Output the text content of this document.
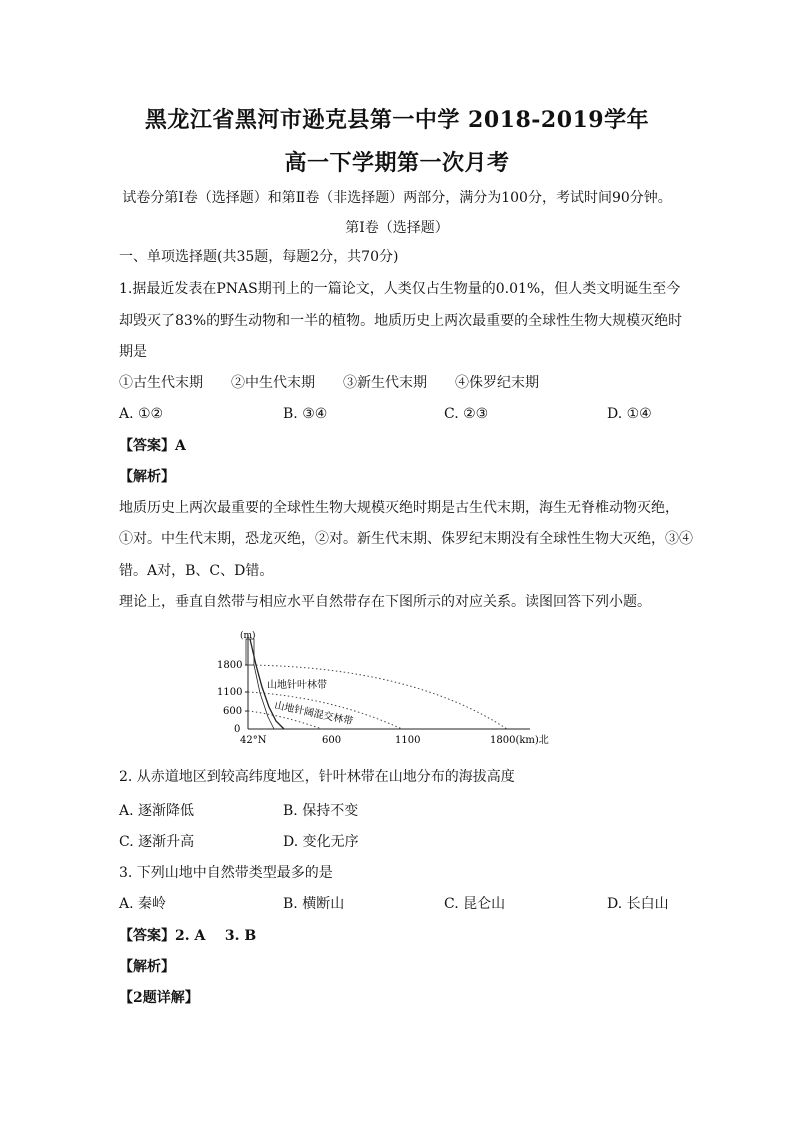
黑龙江省黑河市逊克县第一中学 2018-2019学年
高一下学期第一次月考
试卷分第Ⅰ卷（选择题）和第Ⅱ卷（非选择题）两部分，满分为100分，考试时间90分钟。
第Ⅰ卷（选择题）
一、单项选择题(共35题，每题2分，共70分)
1.据最近发表在PNAS期刊上的一篇论文，人类仅占生物量的0.01%，但人类文明诞生至今
却毁灭了83%的野生动物和一半的植物。地质历史上两次最重要的全球性生物大规模灭绝时
期是
①古生代末期 ②中生代末期 ③新生代末期 ④侏罗纪末期
A. ①②	B. ③④	C. ②③	D. ①④
【答案】A
【解析】
地质历史上两次最重要的全球性生物大规模灭绝时期是古生代末期，海生无脊椎动物灭绝，
①对。中生代末期，恐龙灭绝，②对。新生代末期、侏罗纪末期没有全球性生物大灭绝，③④
错。A对，B、C、D错。
理论上，垂直自然带与相应水平自然带存在下图所示的对应关系。读图回答下列小题。
(m)
1800
1100
600
0
42°N	600	1100	1800(km)北
山地针叶林带
山地针阔混交林带
2. 从赤道地区到较高纬度地区，针叶林带在山地分布的海拔高度
A. 逐渐降低	B. 保持不变
C. 逐渐升高	D. 变化无序
3. 下列山地中自然带类型最多的是
A. 秦岭	B. 横断山	C. 昆仑山	D. 长白山
【答案】2. A    3. B
【解析】
【2题详解】
